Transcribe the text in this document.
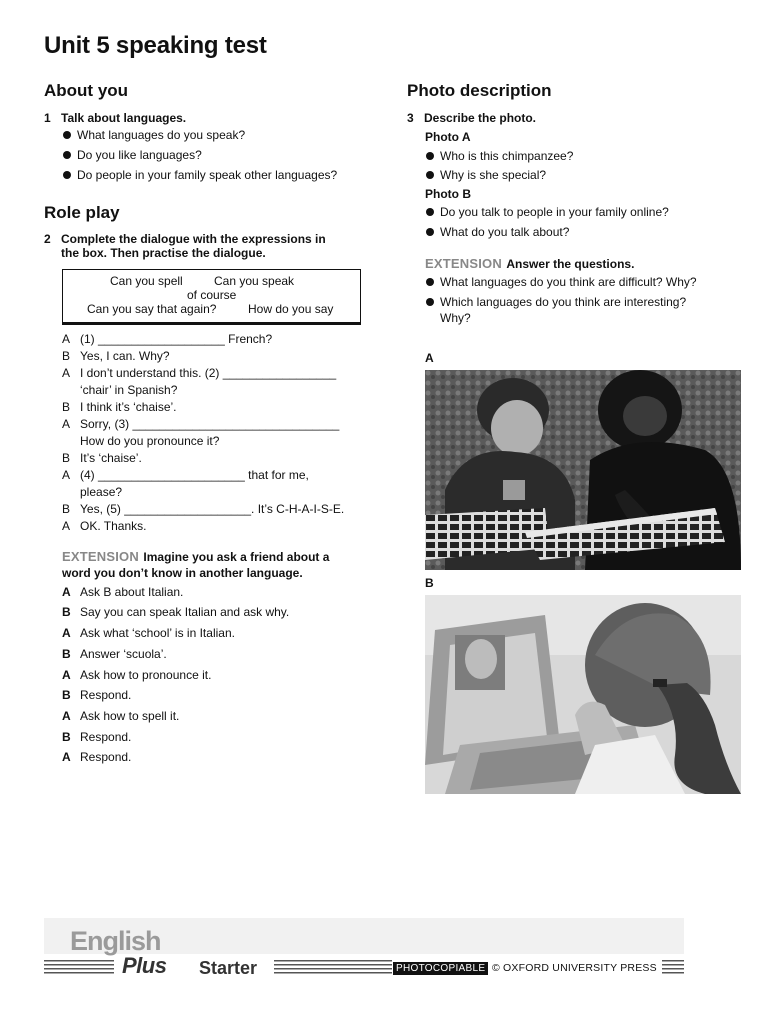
Unit 5 speaking test
About you
1 Talk about languages.
What languages do you speak?
Do you like languages?
Do people in your family speak other languages?
Role play
2 Complete the dialogue with the expressions in
the box. Then practise the dialogue.
Can you spell	Can you speak
of course
Can you say that again?	How do you say
A (1) ___________________ French?
B Yes, I can. Why?
A I don’t understand this. (2) _________________
‘chair’ in Spanish?
B I think it’s ‘chaise’.
A Sorry, (3) _______________________________
How do you pronounce it?
B It’s ‘chaise’.
A (4) ______________________ that for me,
please?
B Yes, (5) ___________________. It’s C-H-A-I-S-E.
A OK. Thanks.
EXTENSION Imagine you ask a friend about a
word you don’t know in another language.
A Ask B about Italian.
B Say you can speak Italian and ask why.
A Ask what ‘school’ is in Italian.
B Answer ‘scuola’.
A Ask how to pronounce it.
B Respond.
A Ask how to spell it.
B Respond.
A Respond.
Photo description
3 Describe the photo.
Photo A
Who is this chimpanzee?
Why is she special?
Photo B
Do you talk to people in your family online?
What do you talk about?
EXTENSION Answer the questions.
What languages do you think are difficult? Why?
Which languages do you think are interesting?
Why?
A
B
English
Plus Starter	PHOTOCOPIABLE © OXFORD UNIVERSITY PRESS
